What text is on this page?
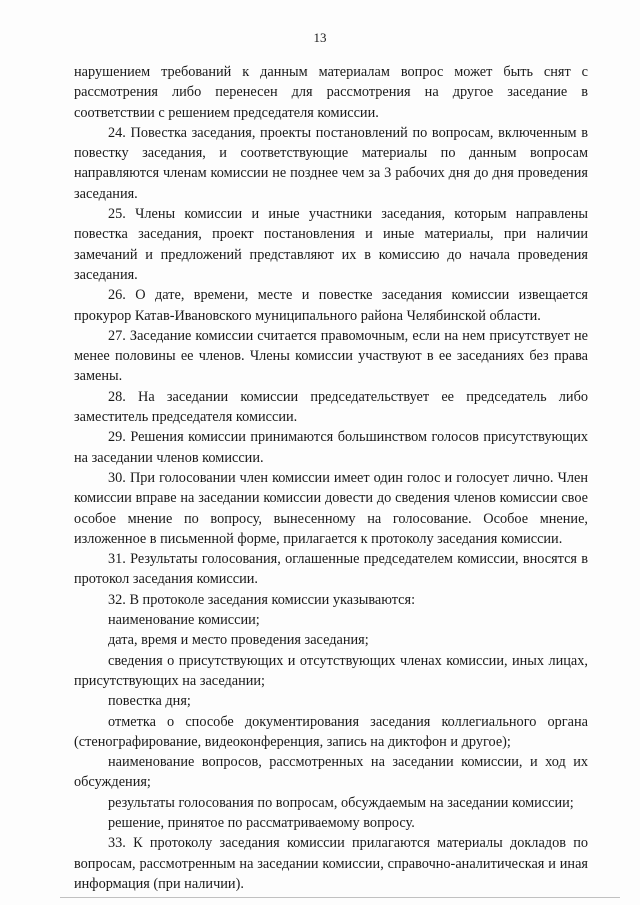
13

нарушением требований к данным материалам вопрос может быть снят с рассмотрения либо перенесен для рассмотрения на другое заседание в соответствии с решением председателя комиссии.

24. Повестка заседания, проекты постановлений по вопросам, включенным в повестку заседания, и соответствующие материалы по данным вопросам направляются членам комиссии не позднее чем за 3 рабочих дня до дня проведения заседания.

25. Члены комиссии и иные участники заседания, которым направлены повестка заседания, проект постановления и иные материалы, при наличии замечаний и предложений представляют их в комиссию до начала проведения заседания.

26. О дате, времени, месте и повестке заседания комиссии извещается прокурор Катав-Ивановского муниципального района Челябинской области.

27. Заседание комиссии считается правомочным, если на нем присутствует не менее половины ее членов. Члены комиссии участвуют в ее заседаниях без права замены.

28. На заседании комиссии председательствует ее председатель либо заместитель председателя комиссии.

29. Решения комиссии принимаются большинством голосов присутствующих на заседании членов комиссии.

30. При голосовании член комиссии имеет один голос и голосует лично. Член комиссии вправе на заседании комиссии довести до сведения членов комиссии свое особое мнение по вопросу, вынесенному на голосование. Особое мнение, изложенное в письменной форме, прилагается к протоколу заседания комиссии.

31. Результаты голосования, оглашенные председателем комиссии, вносятся в протокол заседания комиссии.

32. В протоколе заседания комиссии указываются:

наименование комиссии;

дата, время и место проведения заседания;

сведения о присутствующих и отсутствующих членах комиссии, иных лицах, присутствующих на заседании;

повестка дня;

отметка о способе документирования заседания коллегиального органа (стенографирование, видеоконференция, запись на диктофон и другое);

наименование вопросов, рассмотренных на заседании комиссии, и ход их обсуждения;

результаты голосования по вопросам, обсуждаемым на заседании комиссии;

решение, принятое по рассматриваемому вопросу.

33. К протоколу заседания комиссии прилагаются материалы докладов по вопросам, рассмотренным на заседании комиссии, справочно-аналитическая и иная информация (при наличии).
